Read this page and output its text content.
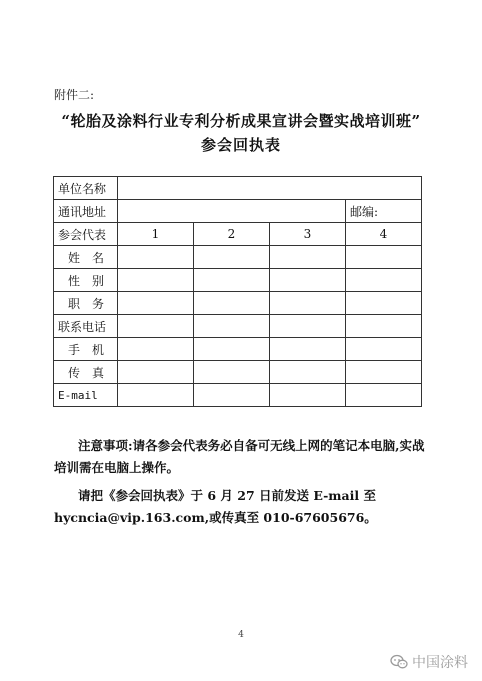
附件二:
“轮胎及涂料行业专利分析成果宣讲会暨实战培训班”
参会回执表
单位名称				
通讯地址				邮编:
参会代表	1	2	3	4
姓　名				
性　别				
职　务				
联系电话				
手　机				
传　真				
E-mail				

注意事项:请各参会代表务必自备可无线上网的笔记本电脑,实战培训需在电脑上操作。

请把《参会回执表》于 6 月 27 日前发送 E-mail 至 hycncia@vip.163.com,或传真至 010-67605676。

4
中国涂料
